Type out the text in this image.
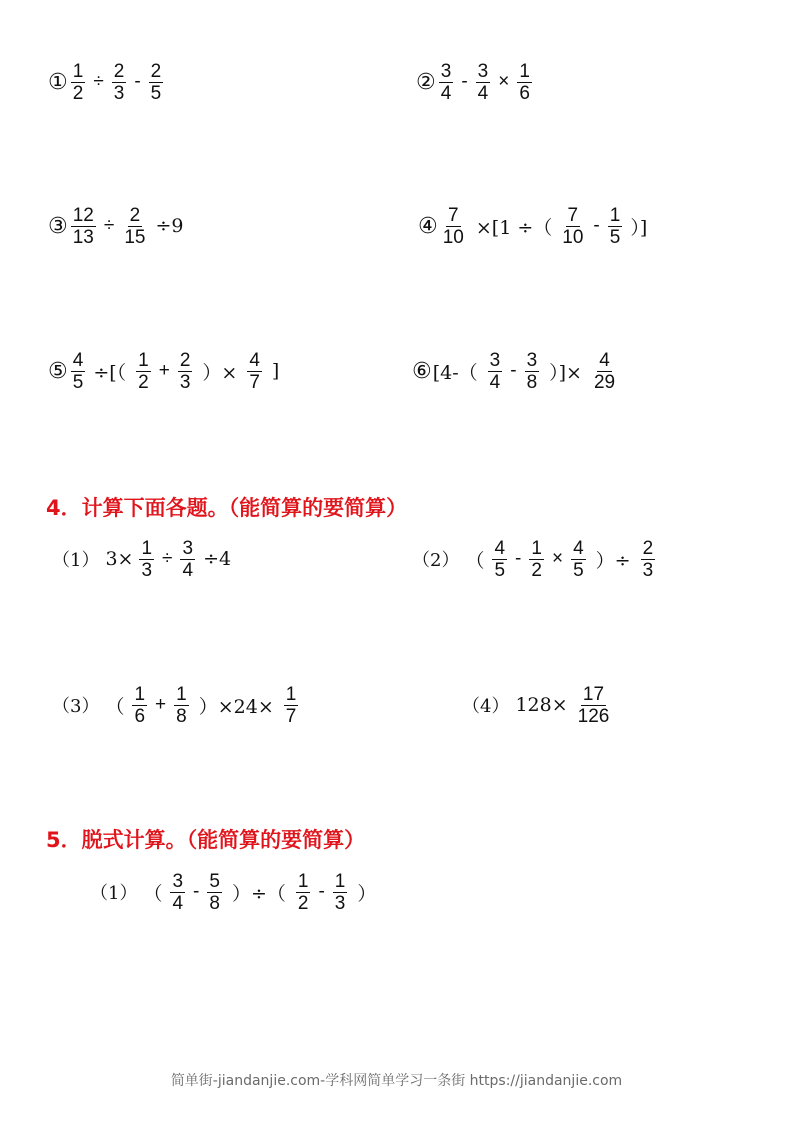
① $\frac{1}{2} \div \frac{2}{3} - \frac{2}{5}$	② $\frac{3}{4} - \frac{3}{4} \times \frac{1}{6}$
③ $\frac{12}{13} \div \frac{2}{15} \div 9$	④ $\frac{7}{10} \times[1$ ÷（ $\frac{7}{10} - \frac{1}{5}$ ）]
⑤ $\frac{4}{5}$ ÷[（ $\frac{1}{2} + \frac{2}{3}$ ）× $\frac{4}{7}$ ]	⑥ [$4-( \frac{3}{4} - \frac{3}{8}$ ）]× $\frac{4}{29}$
4．计算下面各题。（能简算的要简算）
（1） $3\times \frac{1}{3} \div \frac{3}{4} \div 4$	（2） （ $\frac{4}{5} - \frac{1}{2} \times \frac{4}{5}$ ）÷ $\frac{2}{3}$
（3） （ $\frac{1}{6} + \frac{1}{8} )\times 24\times \frac{1}{7}$	（4） $128\times \frac{17}{126}$
5．脱式计算。（能简算的要简算）
（1） （ $\frac{3}{4} - \frac{5}{8}$ ）÷（ $\frac{1}{2} - \frac{1}{3}$ ）
简单街-jiandanjie.com-学科网简单学习一条街 https://jiandanjie.com
